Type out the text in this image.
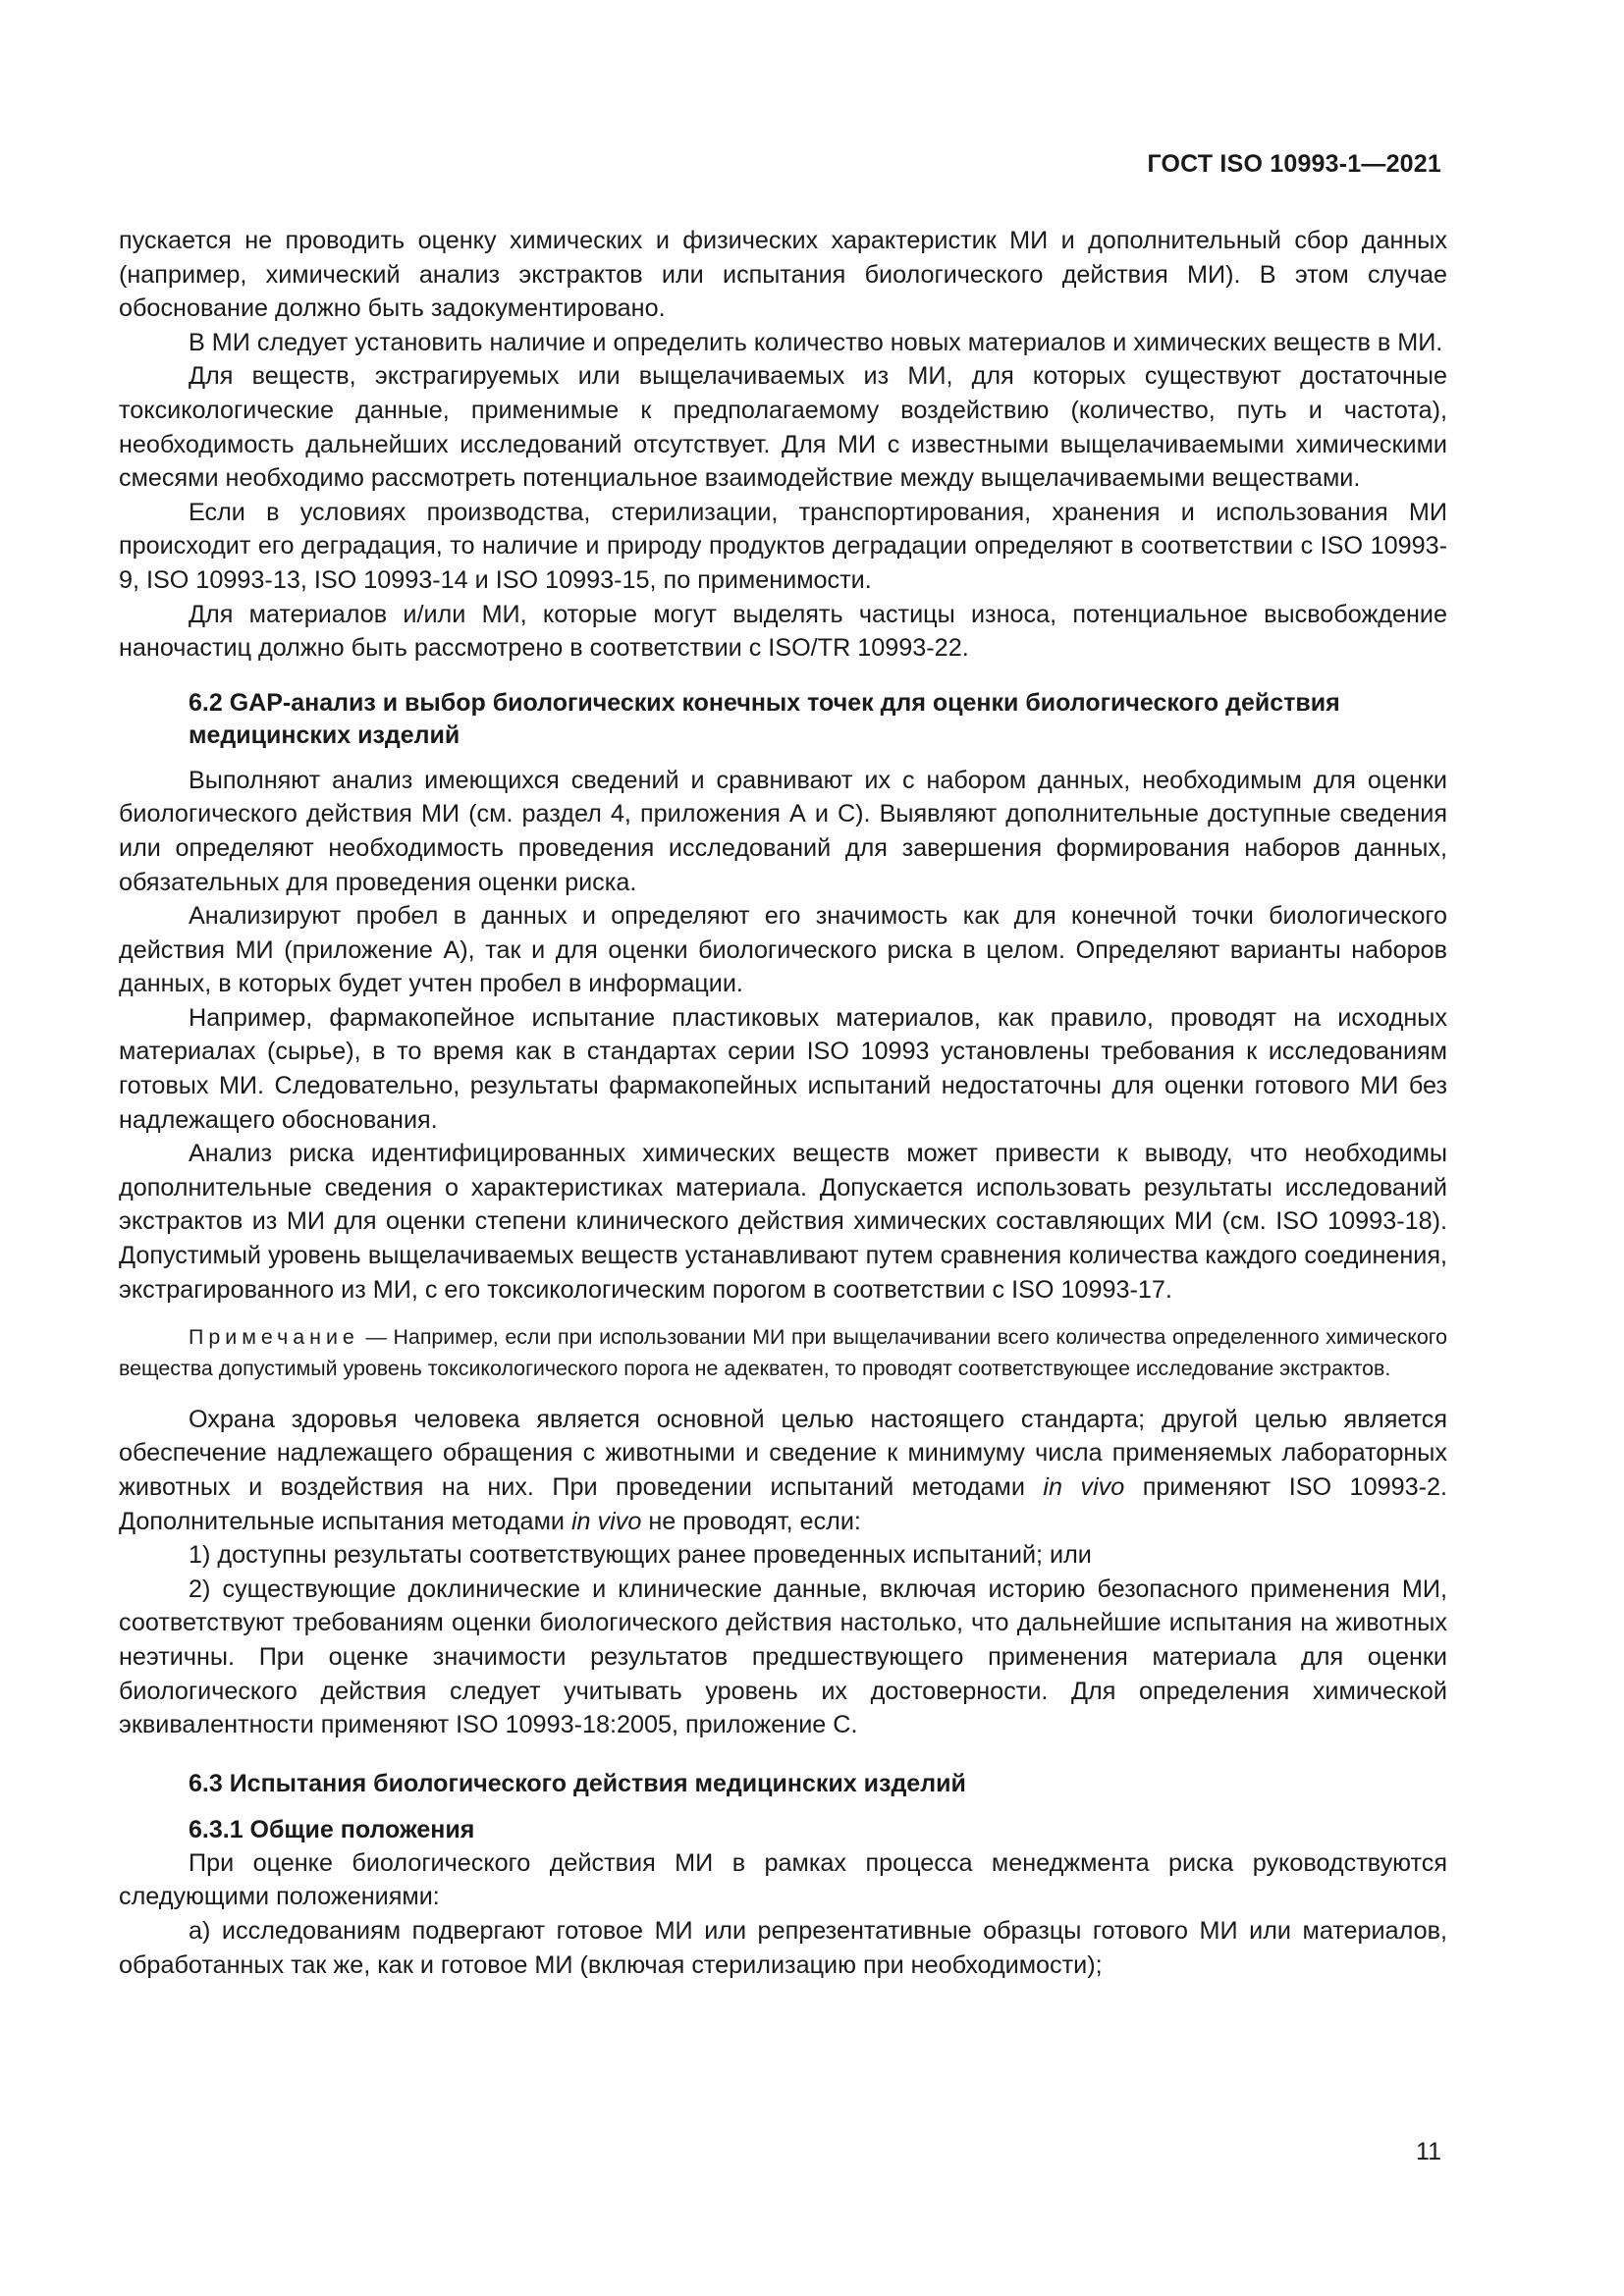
ГОСТ ISO 10993-1—2021

пускается не проводить оценку химических и физических характеристик МИ и дополнительный сбор данных (например, химический анализ экстрактов или испытания биологического действия МИ). В этом случае обоснование должно быть задокументировано.

В МИ следует установить наличие и определить количество новых материалов и химических веществ в МИ.

Для веществ, экстрагируемых или выщелачиваемых из МИ, для которых существуют достаточные токсикологические данные, применимые к предполагаемому воздействию (количество, путь и частота), необходимость дальнейших исследований отсутствует. Для МИ с известными выщелачиваемыми химическими смесями необходимо рассмотреть потенциальное взаимодействие между выщелачиваемыми веществами.

Если в условиях производства, стерилизации, транспортирования, хранения и использования МИ происходит его деградация, то наличие и природу продуктов деградации определяют в соответствии с ISO 10993-9, ISO 10993-13, ISO 10993-14 и ISO 10993-15, по применимости.

Для материалов и/или МИ, которые могут выделять частицы износа, потенциальное высвобождение наночастиц должно быть рассмотрено в соответствии с ISO/TR 10993-22.

6.2 GAP-анализ и выбор биологических конечных точек для оценки биологического действия медицинских изделий

Выполняют анализ имеющихся сведений и сравнивают их с набором данных, необходимым для оценки биологического действия МИ (см. раздел 4, приложения А и С). Выявляют дополнительные доступные сведения или определяют необходимость проведения исследований для завершения формирования наборов данных, обязательных для проведения оценки риска.

Анализируют пробел в данных и определяют его значимость как для конечной точки биологического действия МИ (приложение А), так и для оценки биологического риска в целом. Определяют варианты наборов данных, в которых будет учтен пробел в информации.

Например, фармакопейное испытание пластиковых материалов, как правило, проводят на исходных материалах (сырье), в то время как в стандартах серии ISO 10993 установлены требования к исследованиям готовых МИ. Следовательно, результаты фармакопейных испытаний недостаточны для оценки готового МИ без надлежащего обоснования.

Анализ риска идентифицированных химических веществ может привести к выводу, что необходимы дополнительные сведения о характеристиках материала. Допускается использовать результаты исследований экстрактов из МИ для оценки степени клинического действия химических составляющих МИ (см. ISO 10993-18). Допустимый уровень выщелачиваемых веществ устанавливают путем сравнения количества каждого соединения, экстрагированного из МИ, с его токсикологическим порогом в соответствии с ISO 10993-17.

Примечание — Например, если при использовании МИ при выщелачивании всего количества определенного химического вещества допустимый уровень токсикологического порога не адекватен, то проводят соответствующее исследование экстрактов.

Охрана здоровья человека является основной целью настоящего стандарта; другой целью является обеспечение надлежащего обращения с животными и сведение к минимуму числа применяемых лабораторных животных и воздействия на них. При проведении испытаний методами in vivo применяют ISO 10993-2. Дополнительные испытания методами in vivo не проводят, если:

1) доступны результаты соответствующих ранее проведенных испытаний; или

2) существующие доклинические и клинические данные, включая историю безопасного применения МИ, соответствуют требованиям оценки биологического действия настолько, что дальнейшие испытания на животных неэтичны. При оценке значимости результатов предшествующего применения материала для оценки биологического действия следует учитывать уровень их достоверности. Для определения химической эквивалентности применяют ISO 10993-18:2005, приложение С.

6.3 Испытания биологического действия медицинских изделий

6.3.1 Общие положения

При оценке биологического действия МИ в рамках процесса менеджмента риска руководствуются следующими положениями:

а) исследованиям подвергают готовое МИ или репрезентативные образцы готового МИ или материалов, обработанных так же, как и готовое МИ (включая стерилизацию при необходимости);

11
